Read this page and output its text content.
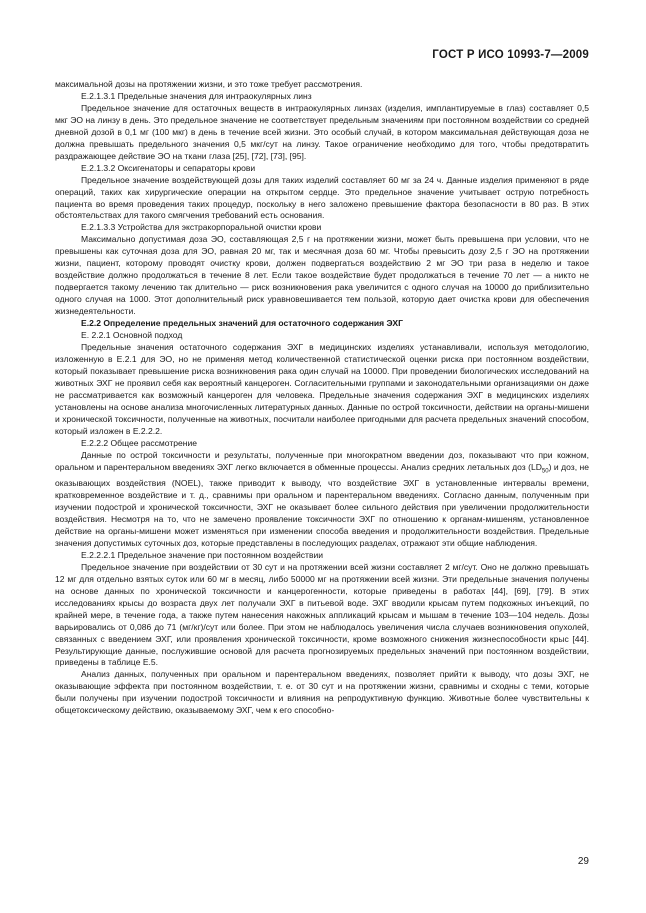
ГОСТ Р ИСО 10993-7—2009

максимальной дозы на протяжении жизни, и это тоже требует рассмотрения.

Е.2.1.3.1 Предельные значения для интраокулярных линз

Предельное значение для остаточных веществ в интраокулярных линзах (изделия, имплантируемые в глаз) составляет 0,5 мкг ЭО на линзу в день. Это предельное значение не соответствует предельным значениям при постоянном воздействии со средней дневной дозой в 0,1 мг (100 мкг) в день в течение всей жизни. Это особый случай, в котором максимальная действующая доза не должна превышать предельного значения 0,5 мкг/сут на линзу. Такое ограничение необходимо для того, чтобы предотвратить раздражающее действие ЭО на ткани глаза [25], [72], [73], [95].

Е.2.1.3.2 Оксигенаторы и сепараторы крови

Предельное значение воздействующей дозы для таких изделий составляет 60 мг за 24 ч. Данные изделия применяют в ряде операций, таких как хирургические операции на открытом сердце. Это предельное значение учитывает острую потребность пациента во время проведения таких процедур, поскольку в него заложено превышение фактора безопасности в 80 раз. В этих обстоятельствах для такого смягчения требований есть основания.

Е.2.1.3.3 Устройства для экстракорпоральной очистки крови

Максимально допустимая доза ЭО, составляющая 2,5 г на протяжении жизни, может быть превышена при условии, что не превышены как суточная доза для ЭО, равная 20 мг, так и месячная доза 60 мг. Чтобы превысить дозу 2,5 г ЭО на протяжении жизни, пациент, которому проводят очистку крови, должен подвергаться воздействию 2 мг ЭО три раза в неделю и такое воздействие должно продолжаться в течение 8 лет. Если такое воздействие будет продолжаться в течение 70 лет — а никто не подвергается такому лечению так длительно — риск возникновения рака увеличится с одного случая на 10000 до приблизительно одного случая на 1000. Этот дополнительный риск уравновешивается тем пользой, которую дает очистка крови для обеспечения жизнедеятельности.

Е.2.2 Определение предельных значений для остаточного содержания ЭХГ

Е. 2.2.1 Основной подход

Предельные значения остаточного содержания ЭХГ в медицинских изделиях устанавливали, используя методологию, изложенную в Е.2.1 для ЭО, но не применяя метод количественной статистической оценки риска при постоянном воздействии, который показывает превышение риска возникновения рака один случай на 10000. При проведении биологических исследований на животных ЭХГ не проявил себя как вероятный канцероген. Согласительными группами и законодательными организациями он даже не рассматривается как возможный канцероген для человека. Предельные значения содержания ЭХГ в медицинских изделиях установлены на основе анализа многочисленных литературных данных. Данные по острой токсичности, действии на органы-мишени и хронической токсичности, полученные на животных, посчитали наиболее пригодными для расчета предельных значений способом, который изложен в Е.2.2.2.

Е.2.2.2 Общее рассмотрение

Данные по острой токсичности и результаты, полученные при многократном введении доз, показывают что при кожном, оральном и парентеральном введениях ЭХГ легко включается в обменные процессы. Анализ средних летальных доз $(LD_{50})$ и доз, не оказывающих воздействия (NOEL), также приводит к выводу, что воздействие ЭХГ в установленные интервалы времени, кратковременное воздействие и т. д., сравнимы при оральном и парентеральном введениях. Согласно данным, полученным при изучении подострой и хронической токсичности, ЭХГ не оказывает более сильного действия при увеличении продолжительности воздействия. Несмотря на то, что не замечено проявление токсичности ЭХГ по отношению к органам-мишеням, установленное действие на органы-мишени может изменяться при изменении способа введения и продолжительности воздействия. Предельные значения допустимых суточных доз, которые представлены в последующих разделах, отражают эти общие наблюдения.

Е.2.2.2.1 Предельное значение при постоянном воздействии

Предельное значение при воздействии от 30 сут и на протяжении всей жизни составляет 2 мг/сут. Оно не должно превышать 12 мг для отдельно взятых суток или 60 мг в месяц, либо 50000 мг на протяжении всей жизни. Эти предельные значения получены на основе данных по хронической токсичности и канцерогенности, которые приведены в работах [44], [69], [79]. В этих исследованиях крысы до возраста двух лет получали ЭХГ в питьевой воде. ЭХГ вводили крысам путем подкожных инъекций, по крайней мере, в течение года, а также путем нанесения накожных аппликаций крысам и мышам в течение 103—104 недель. Дозы варьировались от 0,086 до 71 (мг/кг)/сут или более. При этом не наблюдалось увеличения числа случаев возникновения опухолей, связанных с введением ЭХГ, или проявления хронической токсичности, кроме возможного снижения жизнеспособности крыс [44]. Результирующие данные, послужившие основой для расчета прогнозируемых предельных значений при постоянном воздействии, приведены в таблице Е.5.

Анализ данных, полученных при оральном и парентеральном введениях, позволяет прийти к выводу, что дозы ЭХГ, не оказывающие эффекта при постоянном воздействии, т. е. от 30 сут и на протяжении жизни, сравнимы и сходны с теми, которые были получены при изучении подострой токсичности и влияния на репродуктивную функцию. Животные более чувствительны к общетоксическому действию, оказываемому ЭХГ, чем к его способно-

29
